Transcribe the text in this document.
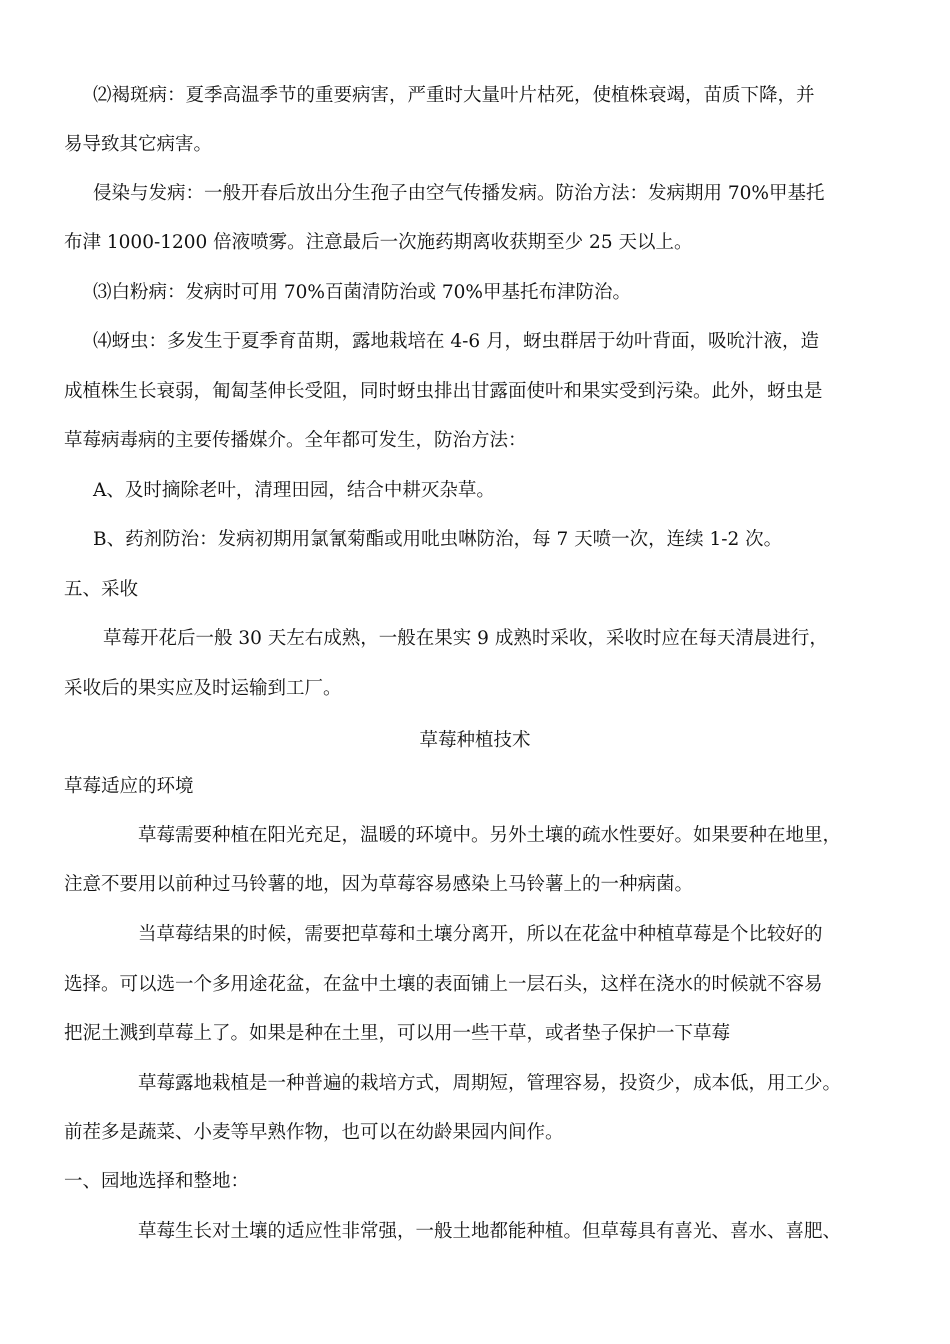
⑵褐斑病：夏季高温季节的重要病害，严重时大量叶片枯死，使植株衰竭，苗质下降，并
易导致其它病害。
侵染与发病：一般开春后放出分生孢子由空气传播发病。防治方法：发病期用 70%甲基托
布津 1000-1200 倍液喷雾。注意最后一次施药期离收获期至少 25 天以上。
⑶白粉病：发病时可用 70%百菌清防治或 70%甲基托布津防治。
⑷蚜虫：多发生于夏季育苗期，露地栽培在 4-6 月，蚜虫群居于幼叶背面，吸吮汁液，造
成植株生长衰弱，匍匐茎伸长受阻，同时蚜虫排出甘露面使叶和果实受到污染。此外，蚜虫是
草莓病毒病的主要传播媒介。全年都可发生，防治方法：
A、及时摘除老叶，清理田园，结合中耕灭杂草。
B、药剂防治：发病初期用氯氰菊酯或用吡虫啉防治，每 7 天喷一次，连续 1-2 次。
五、采收
草莓开花后一般 30 天左右成熟，一般在果实 9 成熟时采收，采收时应在每天清晨进行，
采收后的果实应及时运输到工厂。
草莓种植技术
草莓适应的环境
草莓需要种植在阳光充足，温暖的环境中。另外土壤的疏水性要好。如果要种在地里，
注意不要用以前种过马铃薯的地，因为草莓容易感染上马铃薯上的一种病菌。
当草莓结果的时候，需要把草莓和土壤分离开，所以在花盆中种植草莓是个比较好的
选择。可以选一个多用途花盆，在盆中土壤的表面铺上一层石头，这样在浇水的时候就不容易
把泥土溅到草莓上了。如果是种在土里，可以用一些干草，或者垫子保护一下草莓
草莓露地栽植是一种普遍的栽培方式，周期短，管理容易，投资少，成本低，用工少。
前茬多是蔬菜、小麦等早熟作物，也可以在幼龄果园内间作。
一、园地选择和整地：
草莓生长对土壤的适应性非常强，一般土地都能种植。但草莓具有喜光、喜水、喜肥、
